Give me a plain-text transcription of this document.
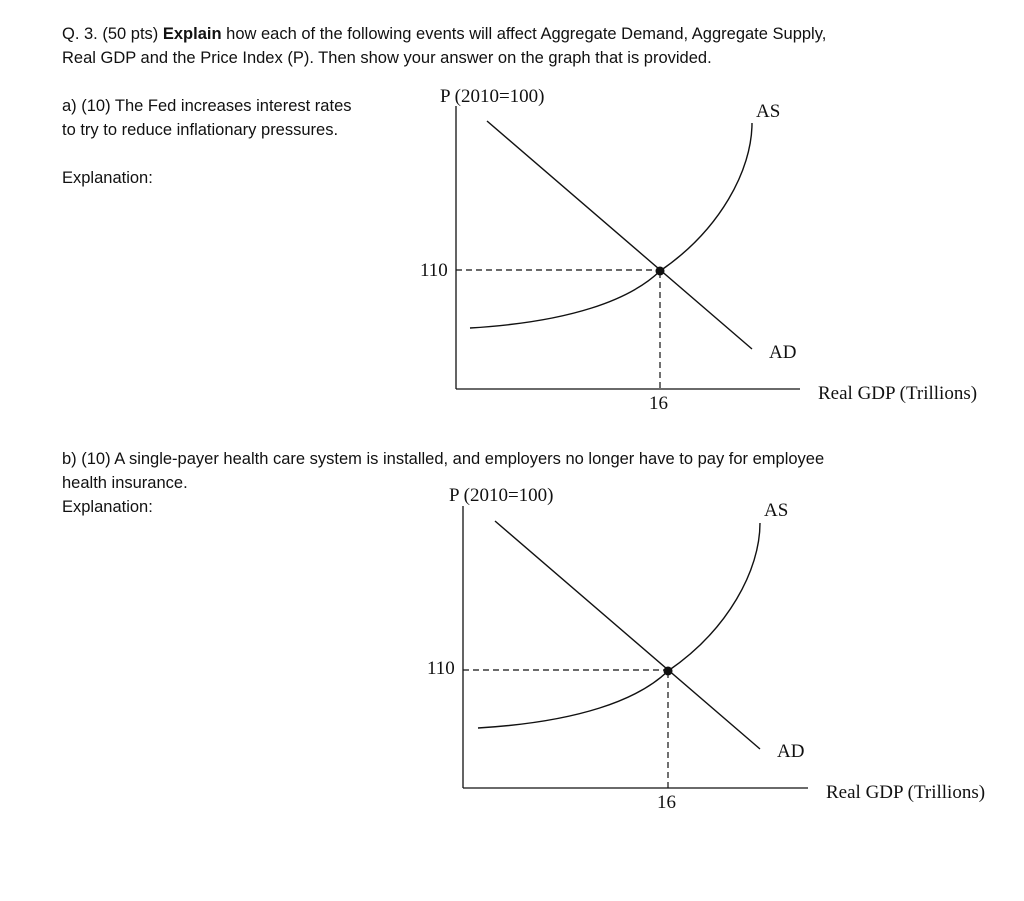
Q. 3. (50 pts) Explain how each of the following events will affect Aggregate Demand, Aggregate Supply,
Real GDP and the Price Index (P). Then show your answer on the graph that is provided.
a) (10) The Fed increases interest rates
to try to reduce inflationary pressures.
Explanation:
b) (10) A single-payer health care system is installed, and employers no longer have to pay for employee
health insurance.
Explanation:
P (2010=100)
AS
AD
110
16	Real GDP (Trillions)
P (2010=100)
AS
AD
110
16	Real GDP (Trillions)
